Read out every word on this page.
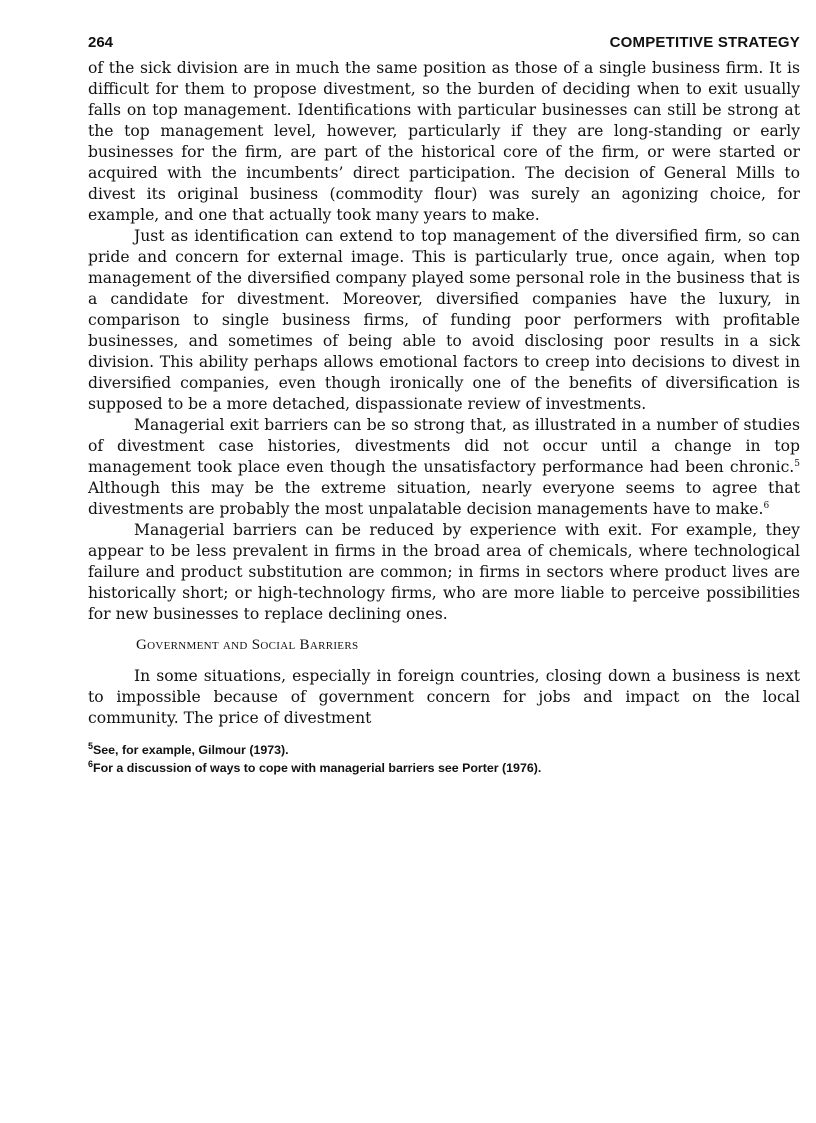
264	COMPETITIVE STRATEGY

of the sick division are in much the same position as those of a single business firm. It is difficult for them to propose divestment, so the burden of deciding when to exit usually falls on top management. Identifications with particular businesses can still be strong at the top management level, however, particularly if they are long-standing or early businesses for the firm, are part of the historical core of the firm, or were started or acquired with the incumbents’ direct participation. The decision of General Mills to divest its original business (commodity flour) was surely an agonizing choice, for example, and one that actually took many years to make.

Just as identification can extend to top management of the diversified firm, so can pride and concern for external image. This is particularly true, once again, when top management of the diversified company played some personal role in the business that is a candidate for divestment. Moreover, diversified companies have the luxury, in comparison to single business firms, of funding poor performers with profitable businesses, and sometimes of being able to avoid disclosing poor results in a sick division. This ability perhaps allows emotional factors to creep into decisions to divest in diversified companies, even though ironically one of the benefits of diversification is supposed to be a more detached, dispassionate review of investments.

Managerial exit barriers can be so strong that, as illustrated in a number of studies of divestment case histories, divestments did not occur until a change in top management took place even though the unsatisfactory performance had been chronic.$^5$ Although this may be the extreme situation, nearly everyone seems to agree that divestments are probably the most unpalatable decision managements have to make.$^6$

Managerial barriers can be reduced by experience with exit. For example, they appear to be less prevalent in firms in the broad area of chemicals, where technological failure and product substitution are common; in firms in sectors where product lives are historically short; or high-technology firms, who are more liable to perceive possibilities for new businesses to replace declining ones.

Government and Social Barriers

In some situations, especially in foreign countries, closing down a business is next to impossible because of government concern for jobs and impact on the local community. The price of divestment

$^5$See, for example, Gilmour (1973).

$^6$For a discussion of ways to cope with managerial barriers see Porter (1976).
